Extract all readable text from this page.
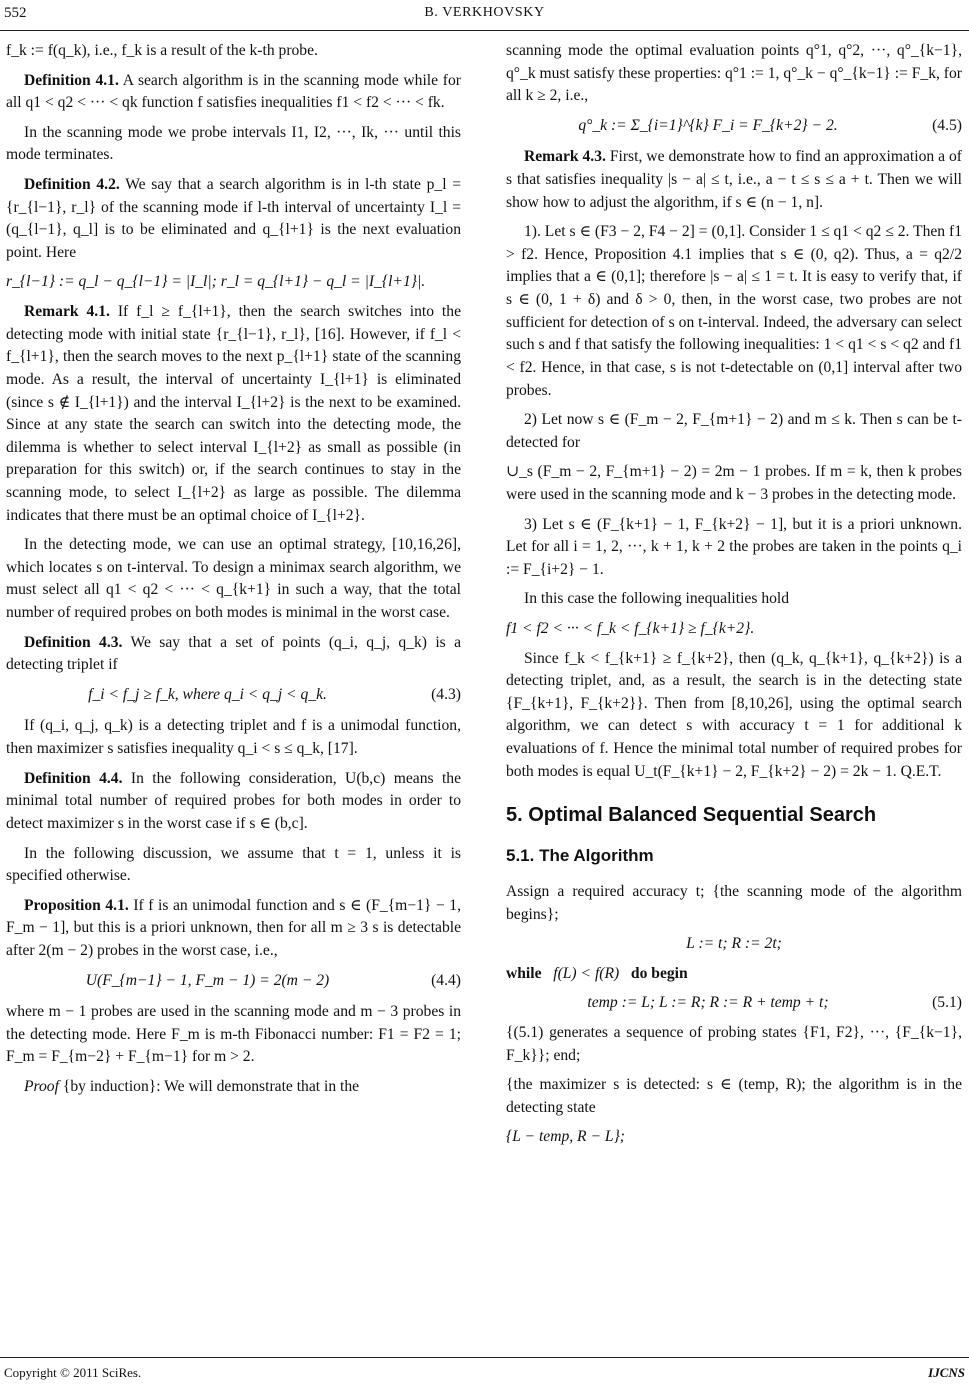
552	B. VERKHOVSKY

f_k := f(q_k), i.e., f_k is a result of the k-th probe.

Definition 4.1. A search algorithm is in the scanning mode while for all q1 < q2 < ··· < qk function f satisfies inequalities f1 < f2 < ··· < fk.

In the scanning mode we probe intervals I1, I2, ···, Ik, ··· until this mode terminates.

Definition 4.2. We say that a search algorithm is in l-th state p_l = {r_{l−1}, r_l} of the scanning mode if l-th interval of uncertainty I_l = (q_{l−1}, q_l] is to be eliminated and q_{l+1} is the next evaluation point. Here

r_{l−1} := q_l − q_{l−1} = |I_l|; r_l = q_{l+1} − q_l = |I_{l+1}|.

Remark 4.1. If f_l ≥ f_{l+1}, then the search switches into the detecting mode with initial state {r_{l−1}, r_l}, [16]. However, if f_l < f_{l+1}, then the search moves to the next p_{l+1} state of the scanning mode. As a result, the interval of uncertainty I_{l+1} is eliminated (since s ∉ I_{l+1}) and the interval I_{l+2} is the next to be examined. Since at any state the search can switch into the detecting mode, the dilemma is whether to select interval I_{l+2} as small as possible (in preparation for this switch) or, if the search continues to stay in the scanning mode, to select I_{l+2} as large as possible. The dilemma indicates that there must be an optimal choice of I_{l+2}.

In the detecting mode, we can use an optimal strategy, [10,16,26], which locates s on t-interval. To design a minimax search algorithm, we must select all q1 < q2 < ··· < q_{k+1} in such a way, that the total number of required probes on both modes is minimal in the worst case.

Definition 4.3. We say that a set of points (q_i, q_j, q_k) is a detecting triplet if

f_i < f_j ≥ f_k, where q_i < q_j < q_k.	(4.3)

If (q_i, q_j, q_k) is a detecting triplet and f is a unimodal function, then maximizer s satisfies inequality q_i < s ≤ q_k, [17].

Definition 4.4. In the following consideration, U(b,c) means the minimal total number of required probes for both modes in order to detect maximizer s in the worst case if s ∈ (b,c].

In the following discussion, we assume that t = 1, unless it is specified otherwise.

Proposition 4.1. If f is an unimodal function and s ∈ (F_{m−1} − 1, F_m − 1], but this is a priori unknown, then for all m ≥ 3 s is detectable after 2(m − 2) probes in the worst case, i.e.,

U(F_{m−1} − 1, F_m − 1) = 2(m − 2)	(4.4)

where m − 1 probes are used in the scanning mode and m − 3 probes in the detecting mode. Here F_m is m-th Fibonacci number: F1 = F2 = 1; F_m = F_{m−2} + F_{m−1} for m > 2.

Proof {by induction}: We will demonstrate that in the

scanning mode the optimal evaluation points q°1, q°2, ···, q°_{k−1}, q°_k must satisfy these properties: q°1 := 1, q°_k − q°_{k−1} := F_k, for all k ≥ 2, i.e.,

q°_k := Σ_{i=1}^{k} F_i = F_{k+2} − 2.	(4.5)

Remark 4.3. First, we demonstrate how to find an approximation a of s that satisfies inequality |s − a| ≤ t, i.e., a − t ≤ s ≤ a + t. Then we will show how to adjust the algorithm, if s ∈ (n − 1, n].

1). Let s ∈ (F3 − 2, F4 − 2] = (0,1]. Consider 1 ≤ q1 < q2 ≤ 2. Then f1 > f2. Hence, Proposition 4.1 implies that s ∈ (0, q2). Thus, a = q2/2 implies that a ∈ (0,1]; therefore |s − a| ≤ 1 = t. It is easy to verify that, if s ∈ (0, 1 + δ) and δ > 0, then, in the worst case, two probes are not sufficient for detection of s on t-interval. Indeed, the adversary can select such s and f that satisfy the following inequalities: 1 < q1 < s < q2 and f1 < f2. Hence, in that case, s is not t-detectable on (0,1] interval after two probes.

2) Let now s ∈ (F_m − 2, F_{m+1} − 2) and m ≤ k. Then s can be t-detected for

∪_s (F_m − 2, F_{m+1} − 2) = 2m − 1 probes. If m = k, then k probes were used in the scanning mode and k − 3 probes in the detecting mode.

3) Let s ∈ (F_{k+1} − 1, F_{k+2} − 1], but it is a priori unknown. Let for all i = 1, 2, ···, k + 1, k + 2 the probes are taken in the points q_i := F_{i+2} − 1.

In this case the following inequalities hold

f1 < f2 < ··· < f_k < f_{k+1} ≥ f_{k+2}.

Since f_k < f_{k+1} ≥ f_{k+2}, then (q_k, q_{k+1}, q_{k+2}) is a detecting triplet, and, as a result, the search is in the detecting state {F_{k+1}, F_{k+2}}. Then from [8,10,26], using the optimal search algorithm, we can detect s with accuracy t = 1 for additional k evaluations of f. Hence the minimal total number of required probes for both modes is equal U_t(F_{k+1} − 2, F_{k+2} − 2) = 2k − 1. Q.E.T.

5. Optimal Balanced Sequential Search
5.1. The Algorithm

Assign a required accuracy t; {the scanning mode of the algorithm begins};

L := t; R := 2t;

while f(L) < f(R) do begin

temp := L; L := R; R := R + temp + t;	(5.1)

{(5.1) generates a sequence of probing states {F1, F2}, ···, {F_{k−1}, F_k}}; end;

{the maximizer s is detected: s ∈ (temp, R); the algorithm is in the detecting state

{L − temp, R − L};

Copyright © 2011 SciRes.	IJCNS
